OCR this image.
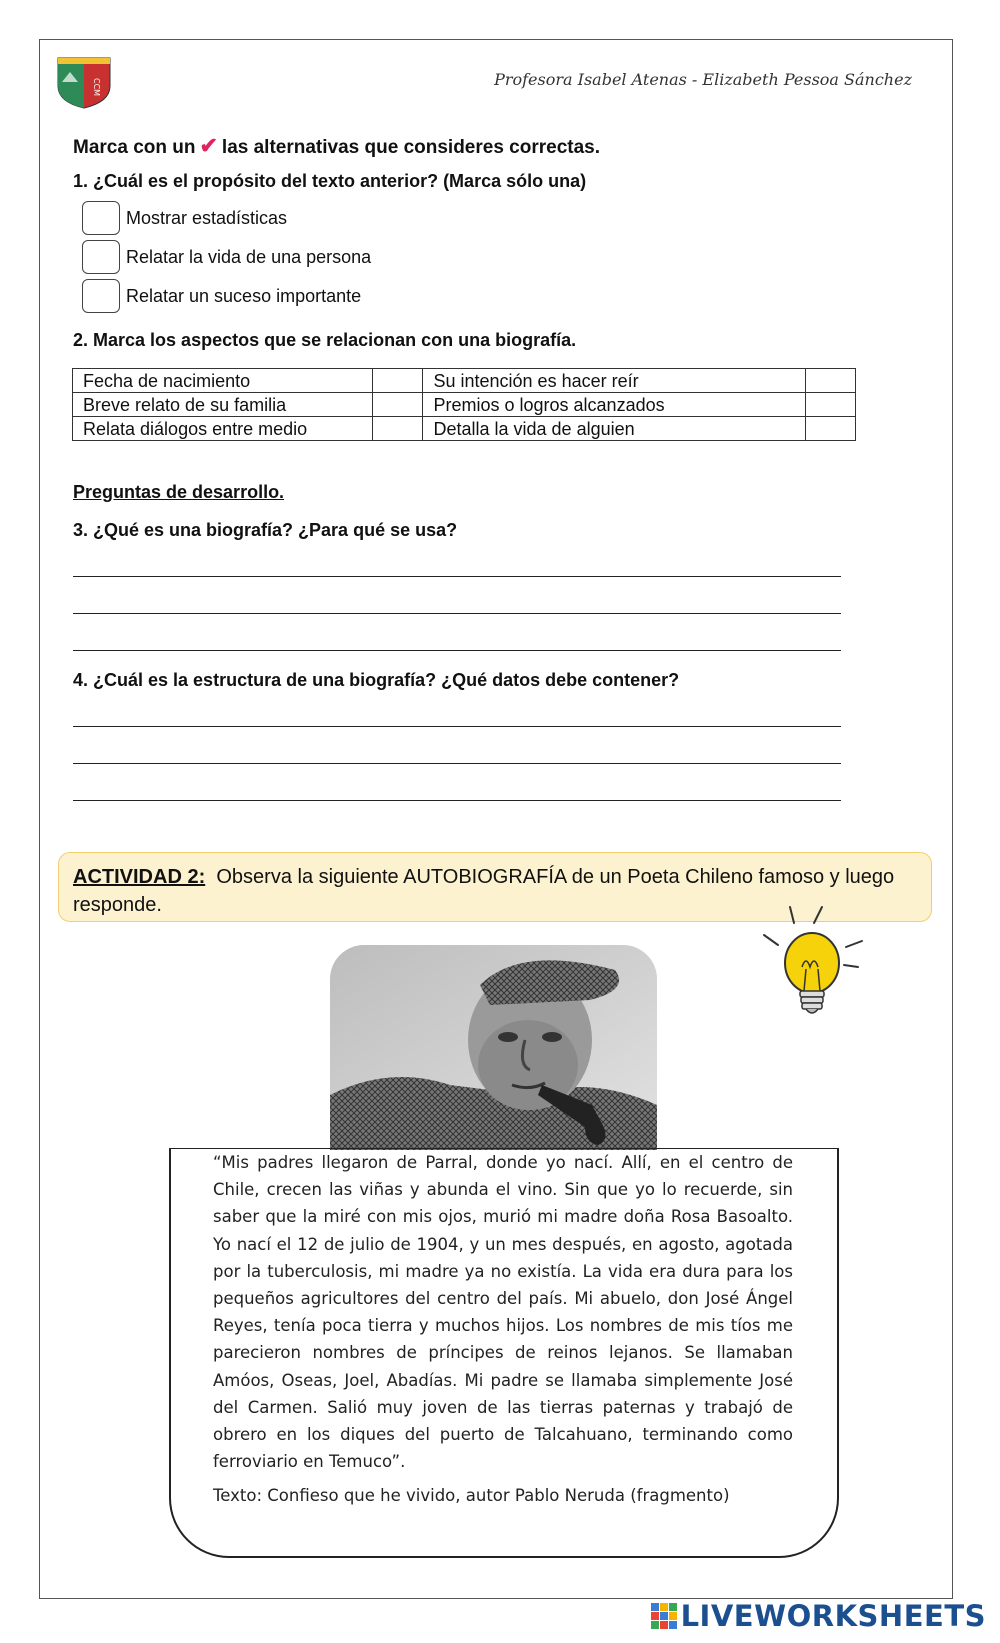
CCM	Profesora Isabel Atenas - Elizabeth Pessoa Sánchez
Marca con un ✔ las alternativas que consideres correctas.
1. ¿Cuál es el propósito del texto anterior? (Marca sólo una)
Mostrar estadísticas
Relatar la vida de una persona
Relatar un suceso importante
2. Marca los aspectos que se relacionan con una biografía.
Fecha de nacimiento		Su intención es hacer reír	
Breve relato de su familia		Premios o logros alcanzados	
Relata diálogos entre medio		Detalla la vida de alguien	
Preguntas de desarrollo.
3. ¿Qué es una biografía? ¿Para qué se usa?
4. ¿Cuál es la estructura de una biografía? ¿Qué datos debe contener?
ACTIVIDAD 2: Observa la siguiente AUTOBIOGRAFÍA de un Poeta Chileno famoso y luego responde.
“Mis padres llegaron de Parral, donde yo nací. Allí, en el centro de Chile, crecen las viñas y abunda el vino. Sin que yo lo recuerde, sin saber que la miré con mis ojos, murió mi madre doña Rosa Basoalto. Yo nací el 12 de julio de 1904, y un mes después, en agosto, agotada por la tuberculosis, mi madre ya no existía. La vida era dura para los pequeños agricultores del centro del país. Mi abuelo, don José Ángel Reyes, tenía poca tierra y muchos hijos. Los nombres de mis tíos me parecieron nombres de príncipes de reinos lejanos. Se llamaban Amóos, Oseas, Joel, Abadías. Mi padre se llamaba simplemente José del Carmen. Salió muy joven de las tierras paternas y trabajó de obrero en los diques del puerto de Talcahuano, terminando como ferroviario en Temuco”.
Texto: Confieso que he vivido, autor Pablo Neruda (fragmento)
LIVEWORKSHEETS
